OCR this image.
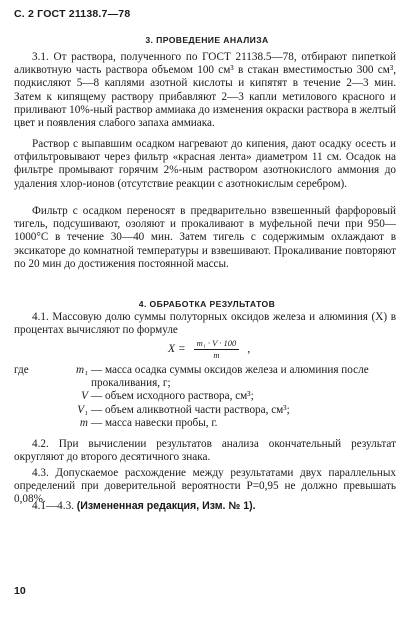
С. 2 ГОСТ 21138.7—78
3. ПРОВЕДЕНИЕ АНАЛИЗА

3.1. От раствора, полученного по ГОСТ 21138.5—78, отбирают пипеткой аликвотную часть раствора объемом 100 см³ в стакан вместимостью 300 см³, подкисляют 5—8 каплями азотной кислоты и кипятят в течение 2—3 мин. Затем к кипящему раствору прибавляют 2—3 капли метилового красного и приливают 10%-ный раствор аммиака до изменения окраски раствора в желтый цвет и появления слабого запаха аммиака.

Раствор с выпавшим осадком нагревают до кипения, дают осадку осесть и отфильтровывают через фильтр «красная лента» диаметром 11 см. Осадок на фильтре промывают горячим 2%-ным раствором азотнокислого аммония до удаления хлор-ионов (отсутствие реакции с азотнокислым серебром).

Фильтр с осадком переносят в предварительно взвешенный фарфоровый тигель, подсушивают, озоляют и прокаливают в муфельной печи при 950—1000°С в течение 30—40 мин. Затем тигель с содержимым охлаждают в эксикаторе до комнатной температуры и взвешивают. Прокаливание повторяют по 20 мин до достижения постоянной массы.

4. ОБРАБОТКА РЕЗУЛЬТАТОВ

4.1. Массовую долю суммы полуторных оксидов железа и алюминия (X) в процентах вычисляют по формуле

$X = \frac{\text{m₁ · V · 100}}{m}$ ,
где	m₁ — масса осадка суммы оксидов железа и алюминия после прокаливания, г;
V — объем исходного раствора, см³;
V₁ — объем аликвотной части раствора, см³;
m — масса навески пробы, г.

4.2. При вычислении результатов анализа окончательный результат округляют до второго десятичного знака.

4.3. Допускаемое расхождение между результатами двух параллельных определений при доверительной вероятности P=0,95 не должно превышать 0,08%.

4.1—4.3. (Измененная редакция, Изм. № 1).

10
